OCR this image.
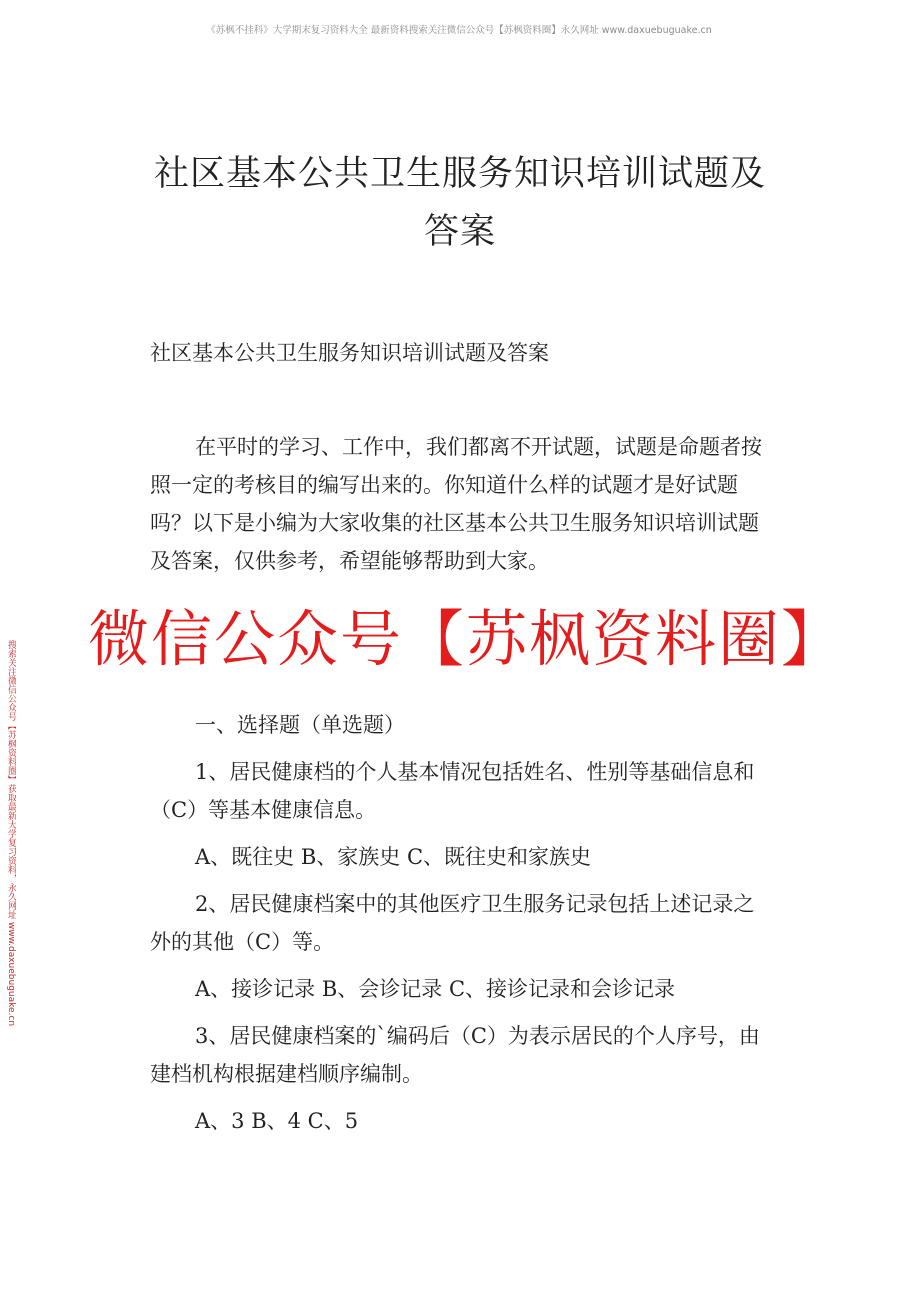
《苏枫不挂科》大学期末复习资料大全 最新资料搜索关注微信公众号【苏枫资料圈】永久网址 www.daxuebuguake.cn
搜索关注微信公众号【苏枫资料圈】获取最新大学复习资料，永久网址 www.daxuebuguake.cn
社区基本公共卫生服务知识培训试题及答案
社区基本公共卫生服务知识培训试题及答案

在平时的学习、工作中，我们都离不开试题，试题是命题者按照一定的考核目的编写出来的。你知道什么样的试题才是好试题吗？以下是小编为大家收集的社区基本公共卫生服务知识培训试题及答案，仅供参考，希望能够帮助到大家。

微信公众号【苏枫资料圈】

一、选择题（单选题）

1、居民健康档的个人基本情况包括姓名、性别等基础信息和（C）等基本健康信息。

A、既往史 B、家族史 C、既往史和家族史

2、居民健康档案中的其他医疗卫生服务记录包括上述记录之外的其他（C）等。

A、接诊记录 B、会诊记录 C、接诊记录和会诊记录

3、居民健康档案的`编码后（C）为表示居民的个人序号，由建档机构根据建档顺序编制。

A、3 B、4 C、5
